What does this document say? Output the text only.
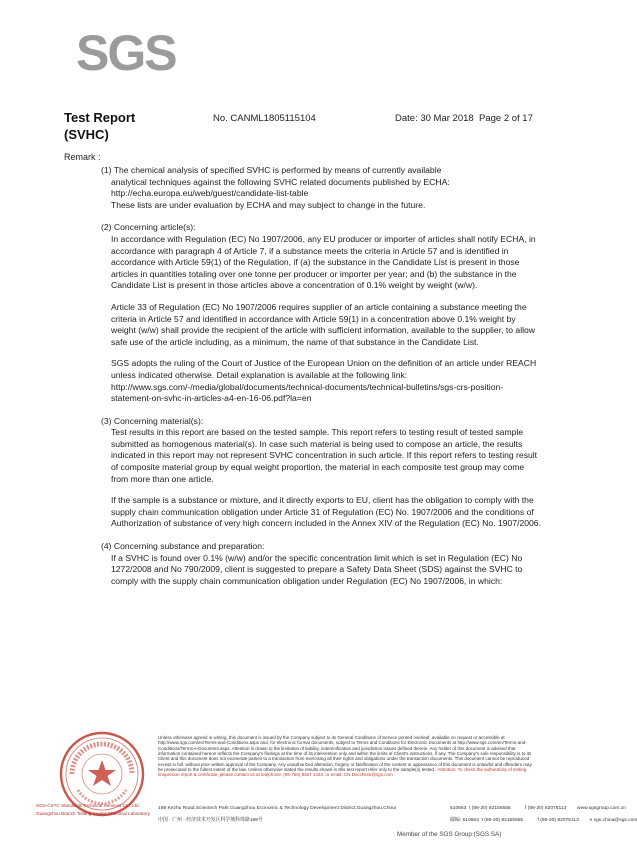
SGS
Test Report
(SVHC)
No. CANML1805115104	Date: 30 Mar 2018 Page 2 of 17
Remark :
(1) The chemical analysis of specified SVHC is performed by means of currently available
analytical techniques against the following SVHC related documents published by ECHA:
http://echa.europa.eu/web/guest/candidate-list-table
These lists are under evaluation by ECHA and may subject to change in the future.
(2) Concerning article(s):
In accordance with Regulation (EC) No 1907/2006, any EU producer or importer of articles shall notify ECHA, in accordance with paragraph 4 of Article 7, if a substance meets the criteria in Article 57 and is identified in accordance with Article 59(1) of the Regulation, if (a) the substance in the Candidate List is present in those articles in quantities totaling over one tonne per producer or importer per year; and (b) the substance in the Candidate List is present in those articles above a concentration of 0.1% weight by weight (w/w).
Article 33 of Regulation (EC) No 1907/2006 requires supplier of an article containing a substance meeting the criteria in Article 57 and identified in accordance with Article 59(1) in a concentration above 0.1% weight by weight (w/w) shall provide the recipient of the article with sufficient information, available to the supplier, to allow safe use of the article including, as a minimum, the name of that substance in the Candidate List.
SGS adopts the ruling of the Court of Justice of the European Union on the definition of an article under REACH unless indicated otherwise. Detail explanation is available at the following link:
http://www.sgs.com/-/media/global/documents/technical-documents/technical-bulletins/sgs-crs-position-statement-on-svhc-in-articles-a4-en-16-06.pdf?la=en
(3) Concerning material(s):
Test results in this report are based on the tested sample. This report refers to testing result of tested sample submitted as homogenous material(s). In case such material is being used to compose an article, the results indicated in this report may not represent SVHC concentration in such article. If this report refers to testing result of composite material group by equal weight proportion, the material in each composite test group may come from more than one article.
If the sample is a substance or mixture, and it directly exports to EU, client has the obligation to comply with the supply chain communication obligation under Article 31 of Regulation (EC) No. 1907/2006 and the conditions of Authorization of substance of very high concern included in the Annex XIV of the Regulation (EC) No. 1907/2006.
(4) Concerning substance and preparation:
If a SVHC is found over 0.1% (w/w) and/or the specific concentration limit which is set in Regulation (EC) No 1272/2008 and No 790/2009, client is suggested to prepare a Safety Data Sheet (SDS) against the SVHC to comply with the supply chain communication obligation under Regulation (EC) No 1907/2006, in which:
SGS-CSTC Standards Technical Services Co., Ltd.
Guangzhou Branch Testing Center Chemical Laboratory
Unless otherwise agreed in writing, this document is issued by the Company subject to its General Conditions of Service printed overleaf, available on request or accessible at http://www.sgs.com/en/Terms-and-Conditions.aspx and, for electronic format documents, subject to Terms and Conditions for Electronic Documents at http://www.sgs.com/en/Terms-and-Conditions/Terms-e-Document.aspx. Attention is drawn to the limitation of liability, indemnification and jurisdiction issues defined therein. Any holder of this document is advised that information contained hereon reflects the Company's findings at the time of its intervention only and within the limits of Client's instructions, if any. The Company's sole responsibility is to its Client and this document does not exonerate parties to a transaction from exercising all their rights and obligations under the transaction documents. This document cannot be reproduced except in full, without prior written approval of the Company. Any unauthorized alteration, forgery or falsification of the content or appearance of this document is unlawful and offenders may be prosecuted to the fullest extent of the law. Unless otherwise stated the results shown in this test report refer only to the sample(s) tested . Attention: To check the authenticity of testing /inspection report & certificate, please contact us at telephone: (86-755) 8307 1443, or email: CN.Doccheck@sgs.com
198 Kezhu Road,Scientech Park Guangzhou Economic & Technology Development District,Guangzhou,China	510663 t (86-20) 82155555	f (86-20) 82075113 www.sgsgroup.com.cn
中国 · 广州 · 经济技术开发区科学城科珠路198号	邮编: 510663 t (86-20) 82155555	f (86-20) 82075113 e sgs.china@sgs.com
Member of the SGS Group (SGS SA)
